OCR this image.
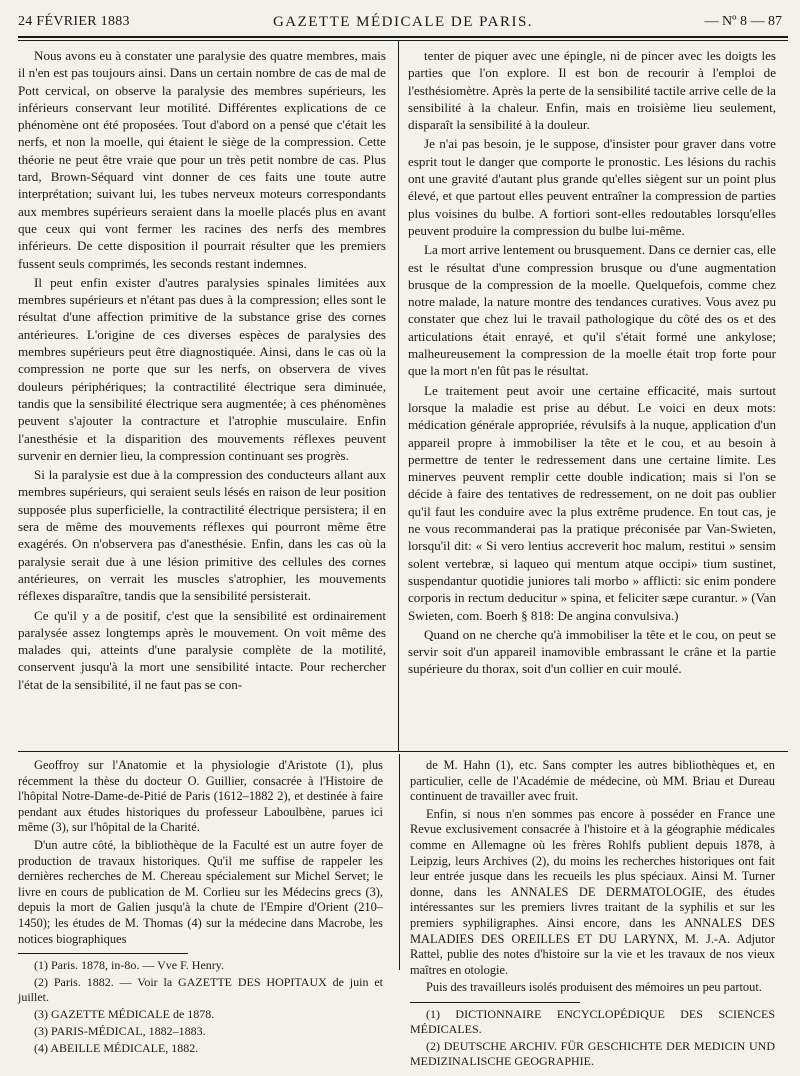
24 FÉVRIER 1883	GAZETTE MÉDICALE DE PARIS.	— Nº 8 — 87

Nous avons eu à constater une paralysie des quatre membres, mais il n'en est pas toujours ainsi. Dans un certain nombre de cas de mal de Pott cervical, on observe la paralysie des membres supérieurs, les inférieurs conservant leur motilité. Différentes explications de ce phénomène ont été proposées. Tout d'abord on a pensé que c'était les nerfs, et non la moelle, qui étaient le siège de la compression. Cette théorie ne peut être vraie que pour un très petit nombre de cas. Plus tard, Brown-Séquard vint donner de ces faits une toute autre interprétation; suivant lui, les tubes nerveux moteurs correspondants aux membres supérieurs seraient dans la moelle placés plus en avant que ceux qui vont fermer les racines des nerfs des membres inférieurs. De cette disposition il pourrait résulter que les premiers fussent seuls comprimés, les seconds restant indemnes.

Il peut enfin exister d'autres paralysies spinales limitées aux membres supérieurs et n'étant pas dues à la compression; elles sont le résultat d'une affection primitive de la substance grise des cornes antérieures. L'origine de ces diverses espèces de paralysies des membres supérieurs peut être diagnostiquée. Ainsi, dans le cas où la compression ne porte que sur les nerfs, on observera de vives douleurs périphériques; la contractilité électrique sera diminuée, tandis que la sensibilité électrique sera augmentée; à ces phénomènes peuvent s'ajouter la contracture et l'atrophie musculaire. Enfin l'anesthésie et la disparition des mouvements réflexes peuvent survenir en dernier lieu, la compression continuant ses progrès.

Si la paralysie est due à la compression des conducteurs allant aux membres supérieurs, qui seraient seuls lésés en raison de leur position supposée plus superficielle, la contractilité électrique persistera; il en sera de même des mouvements réflexes qui pourront même être exagérés. On n'observera pas d'anesthésie. Enfin, dans les cas où la paralysie serait due à une lésion primitive des cellules des cornes antérieures, on verrait les muscles s'atrophier, les mouvements réflexes disparaître, tandis que la sensibilité persisterait.

Ce qu'il y a de positif, c'est que la sensibilité est ordinairement paralysée assez longtemps après le mouvement. On voit même des malades qui, atteints d'une paralysie complète de la motilité, conservent jusqu'à la mort une sensibilité intacte. Pour rechercher l'état de la sensibilité, il ne faut pas se con-

tenter de piquer avec une épingle, ni de pincer avec les doigts les parties que l'on explore. Il est bon de recourir à l'emploi de l'esthésiomètre. Après la perte de la sensibilité tactile arrive celle de la sensibilité à la chaleur. Enfin, mais en troisième lieu seulement, disparaît la sensibilité à la douleur.

Je n'ai pas besoin, je le suppose, d'insister pour graver dans votre esprit tout le danger que comporte le pronostic. Les lésions du rachis ont une gravité d'autant plus grande qu'elles siègent sur un point plus élevé, et que partout elles peuvent entraîner la compression de parties plus voisines du bulbe. A fortiori sont-elles redoutables lorsqu'elles peuvent produire la compression du bulbe lui-même.

La mort arrive lentement ou brusquement. Dans ce dernier cas, elle est le résultat d'une compression brusque ou d'une augmentation brusque de la compression de la moelle. Quelquefois, comme chez notre malade, la nature montre des tendances curatives. Vous avez pu constater que chez lui le travail pathologique du côté des os et des articulations était enrayé, et qu'il s'était formé une ankylose; malheureusement la compression de la moelle était trop forte pour que la mort n'en fût pas le résultat.

Le traitement peut avoir une certaine efficacité, mais surtout lorsque la maladie est prise au début. Le voici en deux mots: médication générale appropriée, révulsifs à la nuque, application d'un appareil propre à immobiliser la tête et le cou, et au besoin à permettre de tenter le redressement dans une certaine limite. Les minerves peuvent remplir cette double indication; mais si l'on se décide à faire des tentatives de redressement, on ne doit pas oublier qu'il faut les conduire avec la plus extrême prudence. En tout cas, je ne vous recommanderai pas la pratique préconisée par Van-Swieten, lorsqu'il dit: « Si vero lentius accreverit hoc malum, restitui » sensim solent vertebræ, si laqueo qui mentum atque occipi» tium sustinet, suspendantur quotidie juniores tali morbo » afflicti: sic enim pondere corporis in rectum deducitur » spina, et feliciter sæpe curantur. » (Van Swieten, com. Boerh § 818: De angina convulsiva.)

Quand on ne cherche qu'à immobiliser la tête et le cou, on peut se servir soit d'un appareil inamovible embrassant le crâne et la partie supérieure du thorax, soit d'un collier en cuir moulé.

Geoffroy sur l'Anatomie et la physiologie d'Aristote (1), plus récemment la thèse du docteur O. Guillier, consacrée à l'Histoire de l'hôpital Notre-Dame-de-Pitié de Paris (1612–1882 2), et destinée à faire pendant aux études historiques du professeur Laboulbène, parues ici même (3), sur l'hôpital de la Charité.

D'un autre côté, la bibliothèque de la Faculté est un autre foyer de production de travaux historiques. Qu'il me suffise de rappeler les dernières recherches de M. Chereau spécialement sur Michel Servet; le livre en cours de publication de M. Corlieu sur les Médecins grecs (3), depuis la mort de Galien jusqu'à la chute de l'Empire d'Orient (210–1450); les études de M. Thomas (4) sur la médecine dans Macrobe, les notices biographiques

(1) Paris. 1878, in-8o. — Vve F. Henry.

(2) Paris. 1882. — Voir la GAZETTE DES HOPITAUX de juin et juillet.

(3) GAZETTE MÉDICALE de 1878.

(3) PARIS-MÉDICAL, 1882–1883.

(4) ABEILLE MÉDICALE, 1882.

de M. Hahn (1), etc. Sans compter les autres bibliothèques et, en particulier, celle de l'Académie de médecine, où MM. Briau et Dureau continuent de travailler avec fruit.

Enfin, si nous n'en sommes pas encore à posséder en France une Revue exclusivement consacrée à l'histoire et à la géographie médicales comme en Allemagne où les frères Rohlfs publient depuis 1878, à Leipzig, leurs Archives (2), du moins les recherches historiques ont fait leur entrée jusque dans les recueils les plus spéciaux. Ainsi M. Turner donne, dans les ANNALES DE DERMATOLOGIE, des études intéressantes sur les premiers livres traitant de la syphilis et sur les premiers syphiligraphes. Ainsi encore, dans les ANNALES DES MALADIES DES OREILLES ET DU LARYNX, M. J.-A. Adjutor Rattel, publie des notes d'histoire sur la vie et les travaux de nos vieux maîtres en otologie.

Puis des travailleurs isolés produisent des mémoires un peu partout.

(1) DICTIONNAIRE ENCYCLOPÉDIQUE DES SCIENCES MÉDICALES.

(2) DEUTSCHE ARCHIV. FÜR GESCHICHTE DER MEDICIN UND MEDIZINALISCHE GEOGRAPHIE.
